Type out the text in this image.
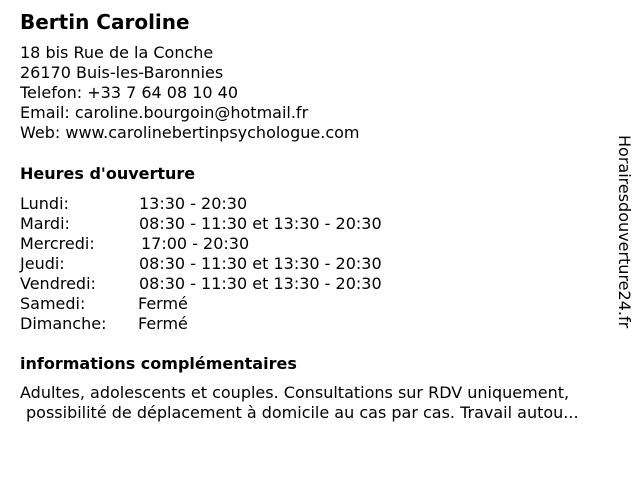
Bertin Caroline
18 bis Rue de la Conche
26170 Buis-les-Baronnies
Telefon: +33 7 64 08 10 40
Email: caroline.bourgoin@hotmail.fr
Web: www.carolinebertinpsychologue.com
Heures d'ouverture
Lundi:	13:30 - 20:30
Mardi:	08:30 - 11:30 et 13:30 - 20:30
Mercredi:	17:00 - 20:30
Jeudi:	08:30 - 11:30 et 13:30 - 20:30
Vendredi:	08:30 - 11:30 et 13:30 - 20:30
Samedi:	Fermé
Dimanche: Fermé
informations complémentaires
Adultes, adolescents et couples. Consultations sur RDV uniquement,
possibilité de déplacement à domicile au cas par cas. Travail autou...
Horairesdouverture24.fr
